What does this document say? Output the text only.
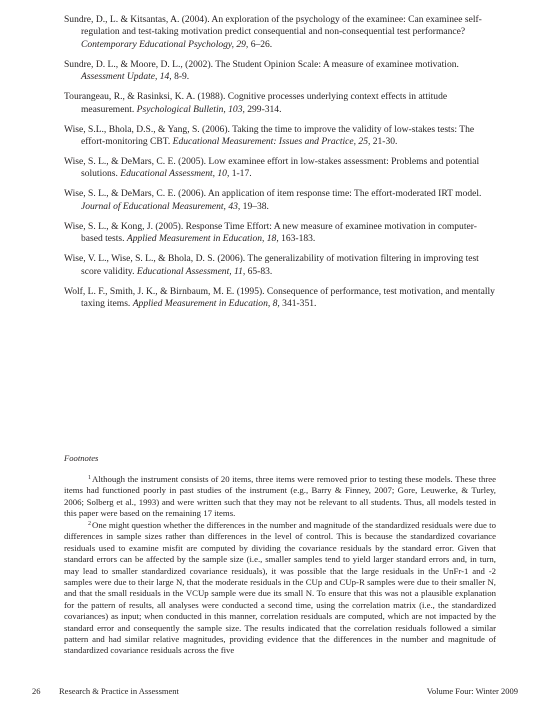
Sundre, D., L. & Kitsantas, A. (2004). An exploration of the psychology of the examinee: Can examinee self-regulation and test-taking motivation predict consequential and non-consequential test performance? Contemporary Educational Psychology, 29, 6–26.

Sundre, D. L., & Moore, D. L., (2002). The Student Opinion Scale: A measure of examinee motivation. Assessment Update, 14, 8-9.

Tourangeau, R., & Rasinksi, K. A. (1988). Cognitive processes underlying context effects in attitude measurement. Psychological Bulletin, 103, 299-314.

Wise, S.L., Bhola, D.S., & Yang, S. (2006). Taking the time to improve the validity of low-stakes tests: The effort-monitoring CBT. Educational Measurement: Issues and Practice, 25, 21-30.

Wise, S. L., & DeMars, C. E. (2005). Low examinee effort in low-stakes assessment: Problems and potential solutions. Educational Assessment, 10, 1-17.

Wise, S. L., & DeMars, C. E. (2006). An application of item response time: The effort-moderated IRT model. Journal of Educational Measurement, 43, 19–38.

Wise, S. L., & Kong, J. (2005). Response Time Effort: A new measure of examinee motivation in computer-based tests. Applied Measurement in Education, 18, 163-183.

Wise, V. L., Wise, S. L., & Bhola, D. S. (2006). The generalizability of motivation filtering in improving test score validity. Educational Assessment, 11, 65-83.

Wolf, L. F., Smith, J. K., & Birnbaum, M. E. (1995). Consequence of performance, test motivation, and mentally taxing items. Applied Measurement in Education, 8, 341-351.

Footnotes

$^1$Although the instrument consists of 20 items, three items were removed prior to testing these models. These three items had functioned poorly in past studies of the instrument (e.g., Barry & Finney, 2007; Gore, Leuwerke, & Turley, 2006; Solberg et al., 1993) and were written such that they may not be relevant to all students. Thus, all models tested in this paper were based on the remaining 17 items.

$^2$One might question whether the differences in the number and magnitude of the standardized residuals were due to differences in sample sizes rather than differences in the level of control. This is because the standardized covariance residuals used to examine misfit are computed by dividing the covariance residuals by the standard error. Given that standard errors can be affected by the sample size (i.e., smaller samples tend to yield larger standard errors and, in turn, may lead to smaller standardized covariance residuals), it was possible that the large residuals in the UnFr-1 and -2 samples were due to their large N, that the moderate residuals in the CUp and CUp-R samples were due to their smaller N, and that the small residuals in the VCUp sample were due its small N. To ensure that this was not a plausible explanation for the pattern of results, all analyses were conducted a second time, using the correlation matrix (i.e., the standardized covariances) as input; when conducted in this manner, correlation residuals are computed, which are not impacted by the standard error and consequently the sample size. The results indicated that the correlation residuals followed a similar pattern and had similar relative magnitudes, providing evidence that the differences in the number and magnitude of standardized covariance residuals across the five

26 Research & Practice in Assessment	Volume Four: Winter 2009
